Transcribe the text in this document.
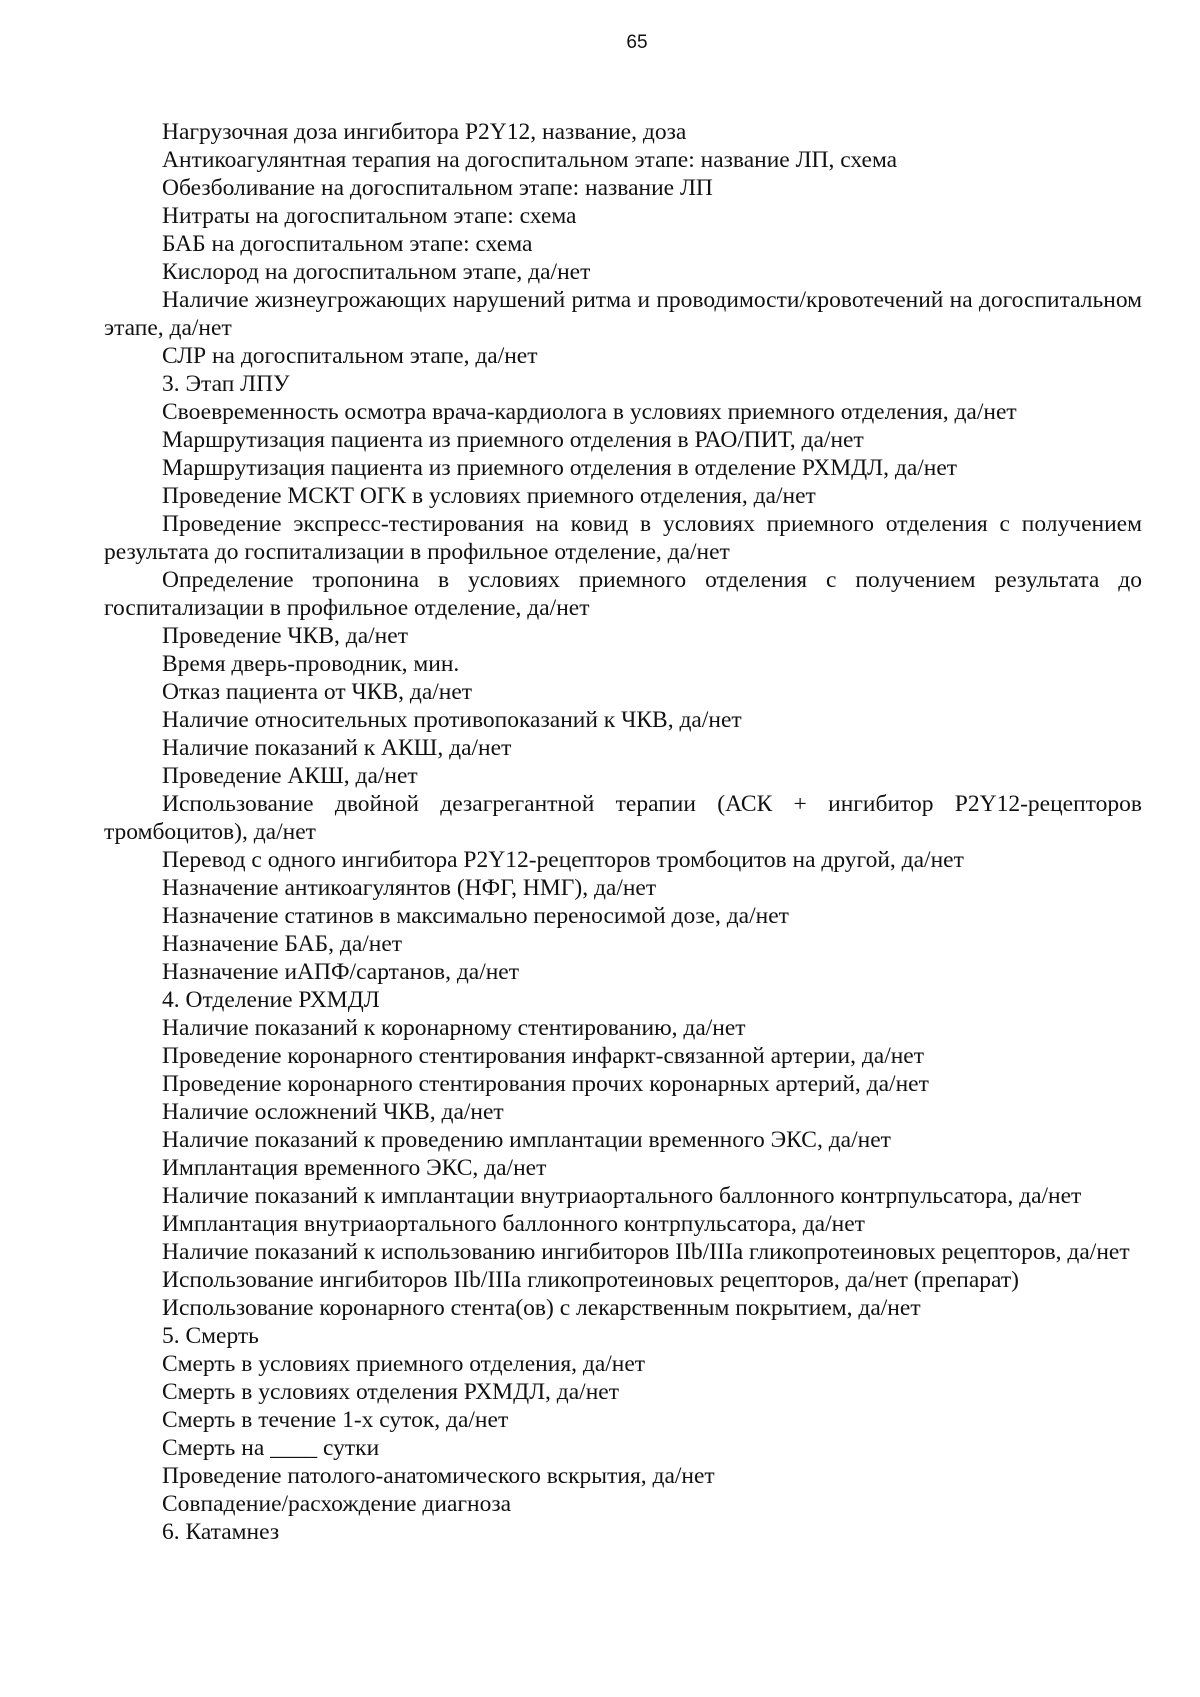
65

Нагрузочная доза ингибитора P2Y12, название, доза

Антикоагулянтная терапия на догоспитальном этапе: название ЛП, схема

Обезболивание на догоспитальном этапе: название ЛП

Нитраты на догоспитальном этапе: схема

БАБ на догоспитальном этапе: схема

Кислород на догоспитальном этапе, да/нет

Наличие жизнеугрожающих нарушений ритма и проводимости/кровотечений на догоспитальном этапе, да/нет

СЛР на догоспитальном этапе, да/нет

3. Этап ЛПУ

Своевременность осмотра врача-кардиолога в условиях приемного отделения, да/нет

Маршрутизация пациента из приемного отделения в РАО/ПИТ, да/нет

Маршрутизация пациента из приемного отделения в отделение РХМДЛ, да/нет

Проведение МСКТ ОГК в условиях приемного отделения, да/нет

Проведение экспресс-тестирования на ковид в условиях приемного отделения с получением результата до госпитализации в профильное отделение, да/нет

Определение тропонина в условиях приемного отделения с получением результата до госпитализации в профильное отделение, да/нет

Проведение ЧКВ, да/нет

Время дверь-проводник, мин.

Отказ пациента от ЧКВ, да/нет

Наличие относительных противопоказаний к ЧКВ, да/нет

Наличие показаний к АКШ, да/нет

Проведение АКШ, да/нет

Использование двойной дезагрегантной терапии (АСК + ингибитор P2Y12-рецепторов тромбоцитов), да/нет

Перевод с одного ингибитора P2Y12-рецепторов тромбоцитов на другой, да/нет

Назначение антикоагулянтов (НФГ, НМГ), да/нет

Назначение статинов в максимально переносимой дозе, да/нет

Назначение БАБ, да/нет

Назначение иАПФ/сартанов, да/нет

4. Отделение РХМДЛ

Наличие показаний к коронарному стентированию, да/нет

Проведение коронарного стентирования инфаркт-связанной артерии, да/нет

Проведение коронарного стентирования прочих коронарных артерий, да/нет

Наличие осложнений ЧКВ, да/нет

Наличие показаний к проведению имплантации временного ЭКС, да/нет

Имплантация временного ЭКС, да/нет

Наличие показаний к имплантации внутриаортального баллонного контрпульсатора, да/нет

Имплантация внутриаортального баллонного контрпульсатора, да/нет

Наличие показаний к использованию ингибиторов IIb/IIIa гликопротеиновых рецепторов, да/нет

Использование ингибиторов IIb/IIIa гликопротеиновых рецепторов, да/нет (препарат)

Использование коронарного стента(ов) с лекарственным покрытием, да/нет

5. Смерть

Смерть в условиях приемного отделения, да/нет

Смерть в условиях отделения РХМДЛ, да/нет

Смерть в течение 1-х суток, да/нет

Смерть на ____ сутки

Проведение патолого-анатомического вскрытия, да/нет

Совпадение/расхождение диагноза

6. Катамнез
